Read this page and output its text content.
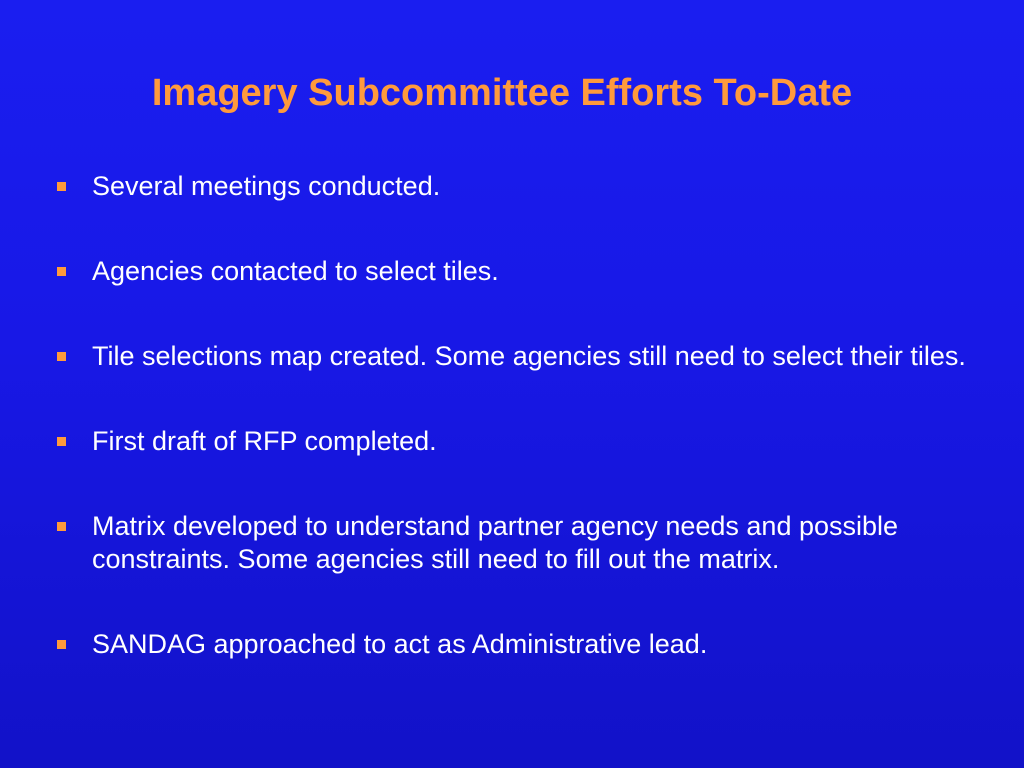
Imagery Subcommittee Efforts To-Date
Several meetings conducted.
Agencies contacted to select tiles.
Tile selections map created. Some agencies still need to select their tiles.
First draft of RFP completed.
Matrix developed to understand partner agency needs and possible constraints. Some agencies still need to fill out the matrix.
SANDAG approached to act as Administrative lead.
